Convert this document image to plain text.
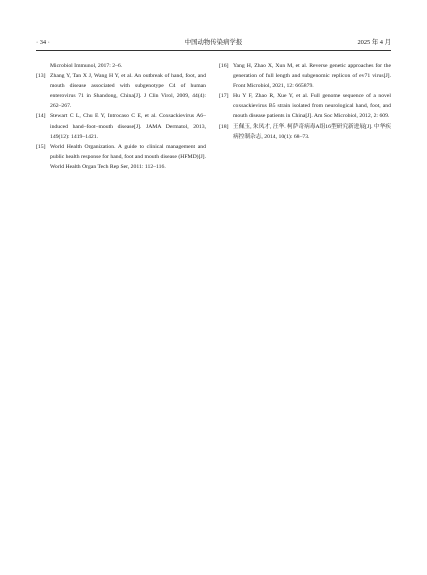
· 34 ·	中国动物传染病学报	2025 年 4 月

Microbiol Immunol, 2017: 2–6.

[13] Zhang Y, Tan X J, Wang H Y, et al. An outbreak of hand, foot, and mouth disease associated with subgenotype C4 of human enterovirus 71 in Shandong, China[J]. J Clin Virol, 2009, 44(4): 262–267.

[14] Stewart C L, Chu E Y, Introcaso C E, et al. Coxsackievirus A6–induced hand–foot–mouth disease[J]. JAMA Dermatol, 2013, 149(12): 1419–1421.

[15] World Health Organization. A guide to clinical management and public health response for hand, foot and mouth disease (HFMD)[J]. World Health Organ Tech Rep Ser, 2011: 112–116.

[16] Yang H, Zhao X, Xun M, et al. Reverse genetic approaches for the generation of full length and subgenomic replicon of ev71 virus[J]. Front Microbiol, 2021, 12: 665879.

[17] Hu Y F, Zhao R, Xue Y, et al. Full genome sequence of a novel coxsackievirus B5 strain isolated from neurological hand, foot, and mouth disease patients in China[J]. Am Soc Microbiol, 2012, 2: 609.

[18] 王佩玉, 朱凤才, 汪华. 柯萨奇病毒A组16型研究新进展[J]. 中华疾病控制杂志, 2014, 10(1): 68–73.
